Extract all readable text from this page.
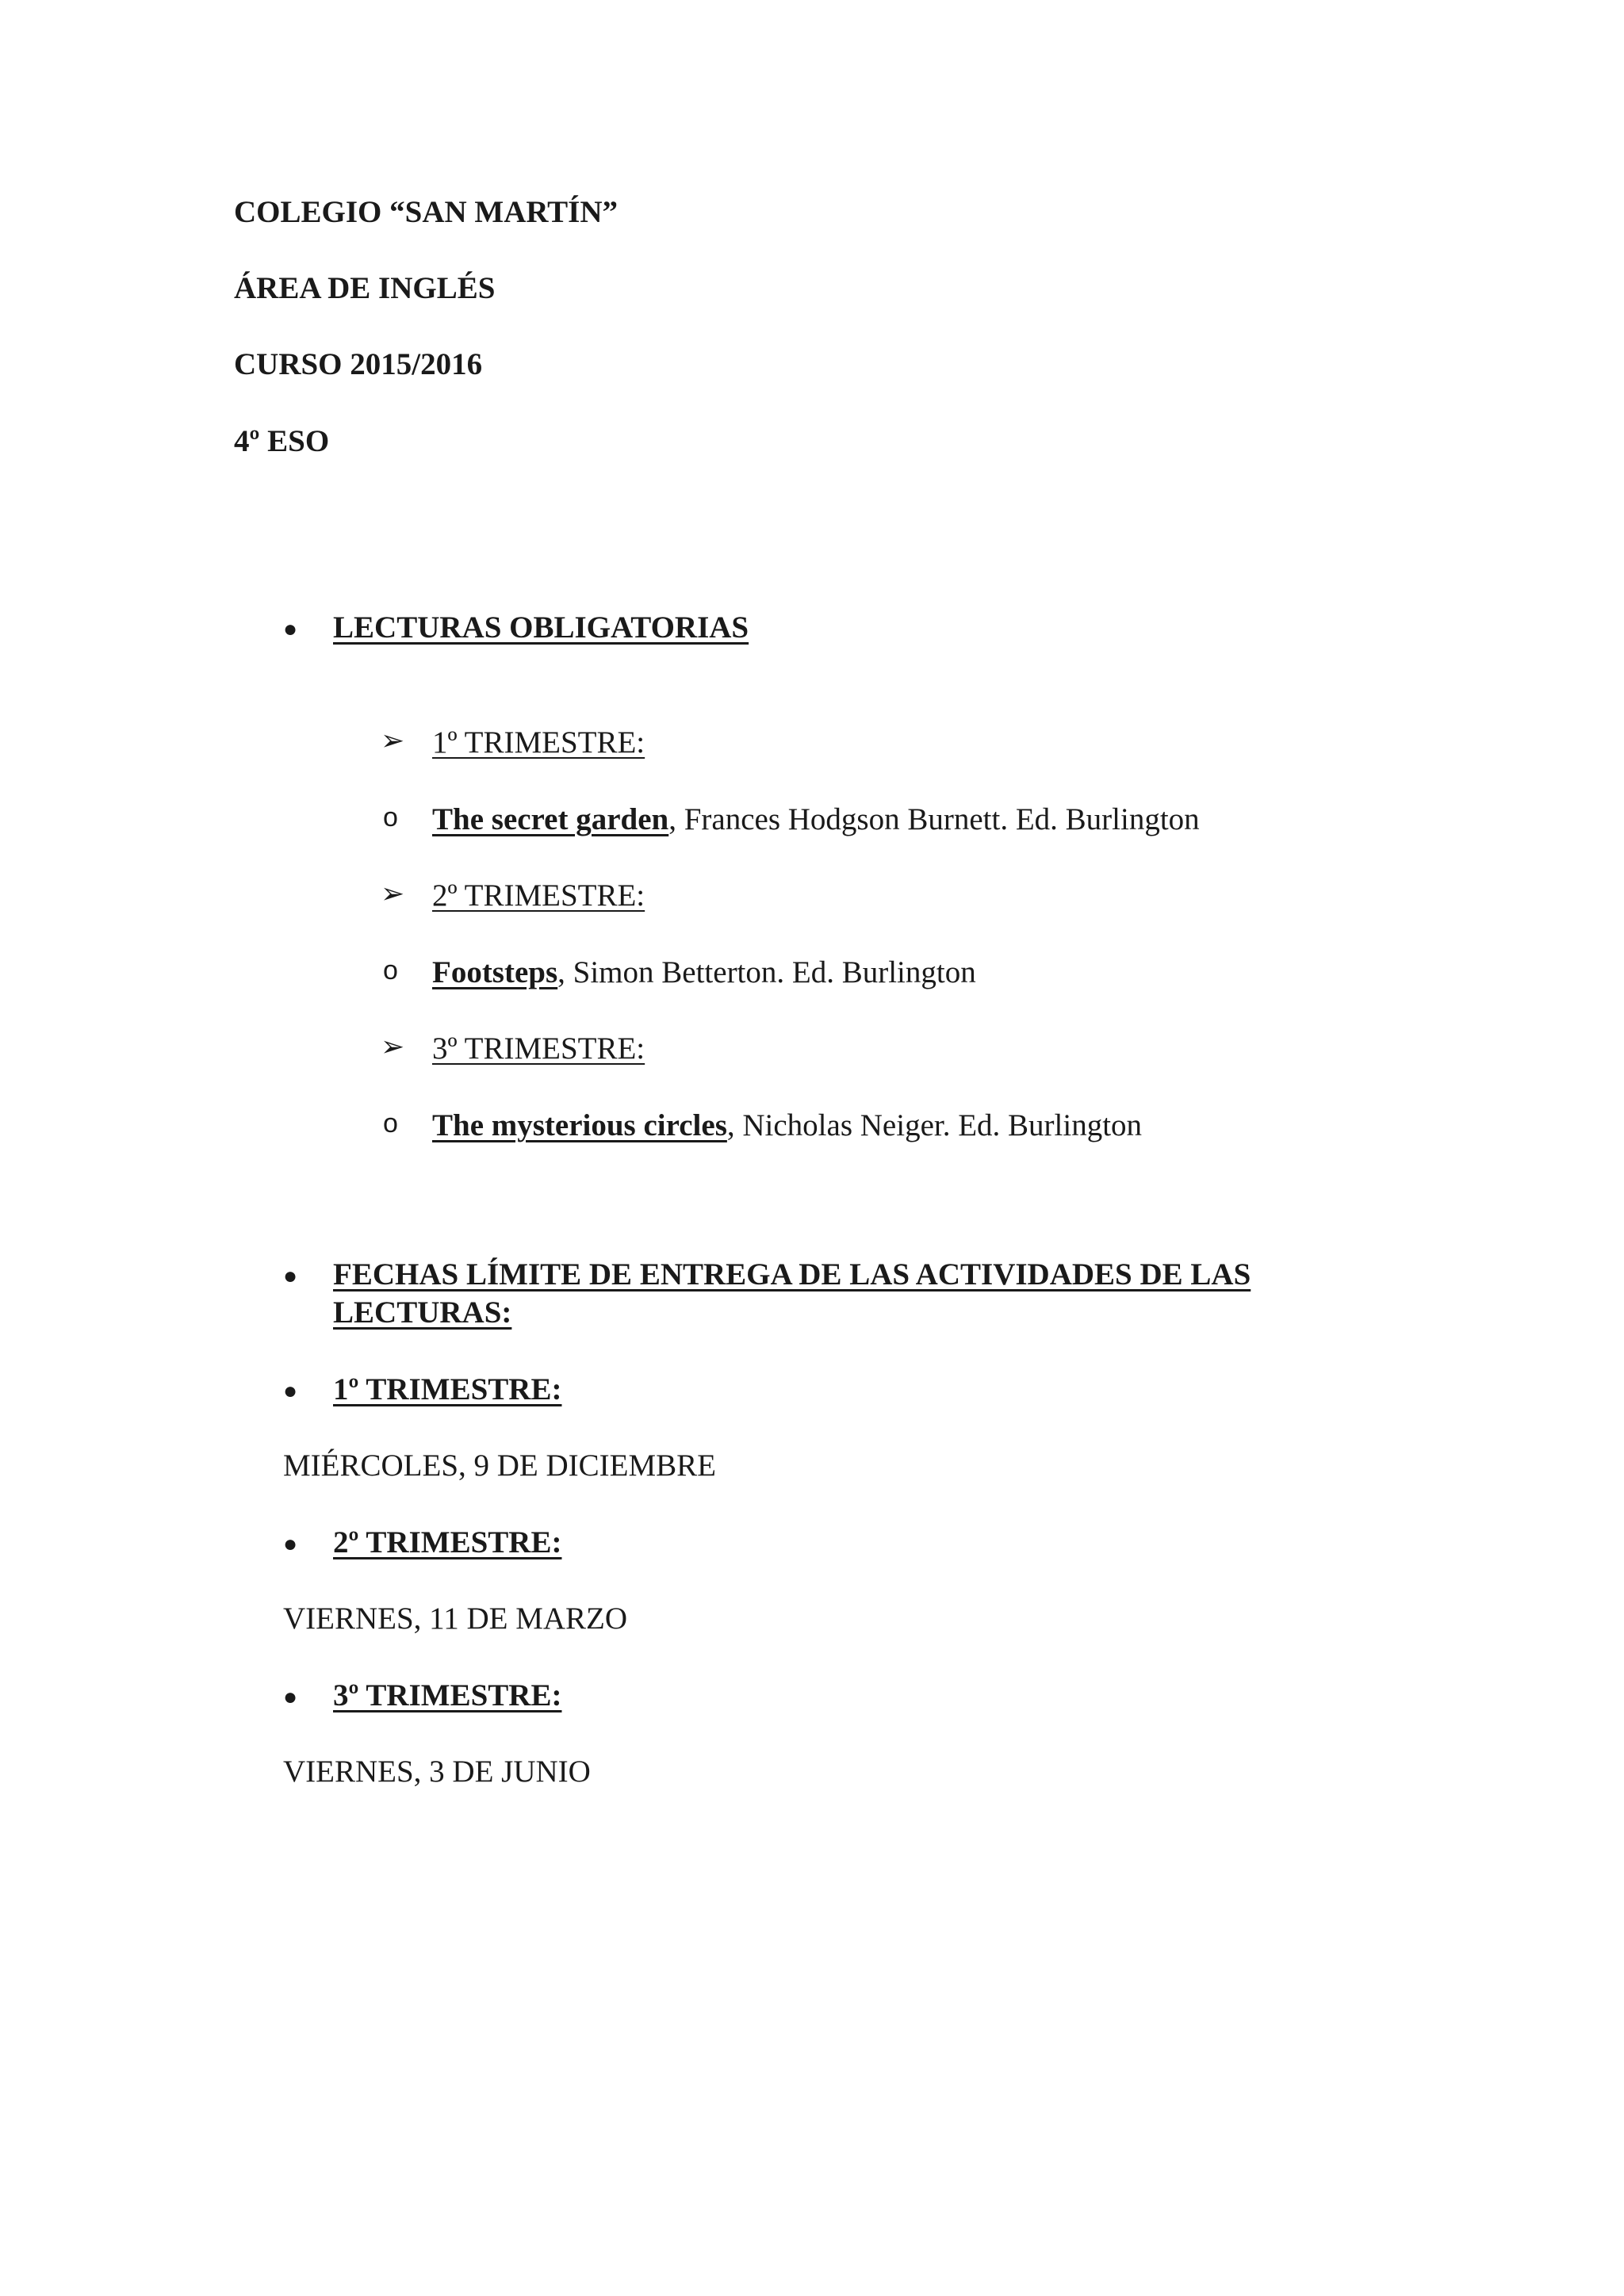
COLEGIO “SAN MARTÍN”
ÁREA DE INGLÉS
CURSO 2015/2016
4º ESO
● LECTURAS OBLIGATORIAS
➢ 1º TRIMESTRE:
o The secret garden, Frances Hodgson Burnett. Ed. Burlington
➢ 2º TRIMESTRE:
o Footsteps, Simon Betterton. Ed. Burlington
➢ 3º TRIMESTRE:
o The mysterious circles, Nicholas Neiger. Ed. Burlington
● FECHAS LÍMITE DE ENTREGA DE LAS ACTIVIDADES DE LAS
LECTURAS:
● 1º TRIMESTRE:
MIÉRCOLES, 9 DE DICIEMBRE
● 2º TRIMESTRE:
VIERNES, 11 DE MARZO
● 3º TRIMESTRE:
VIERNES, 3 DE JUNIO
